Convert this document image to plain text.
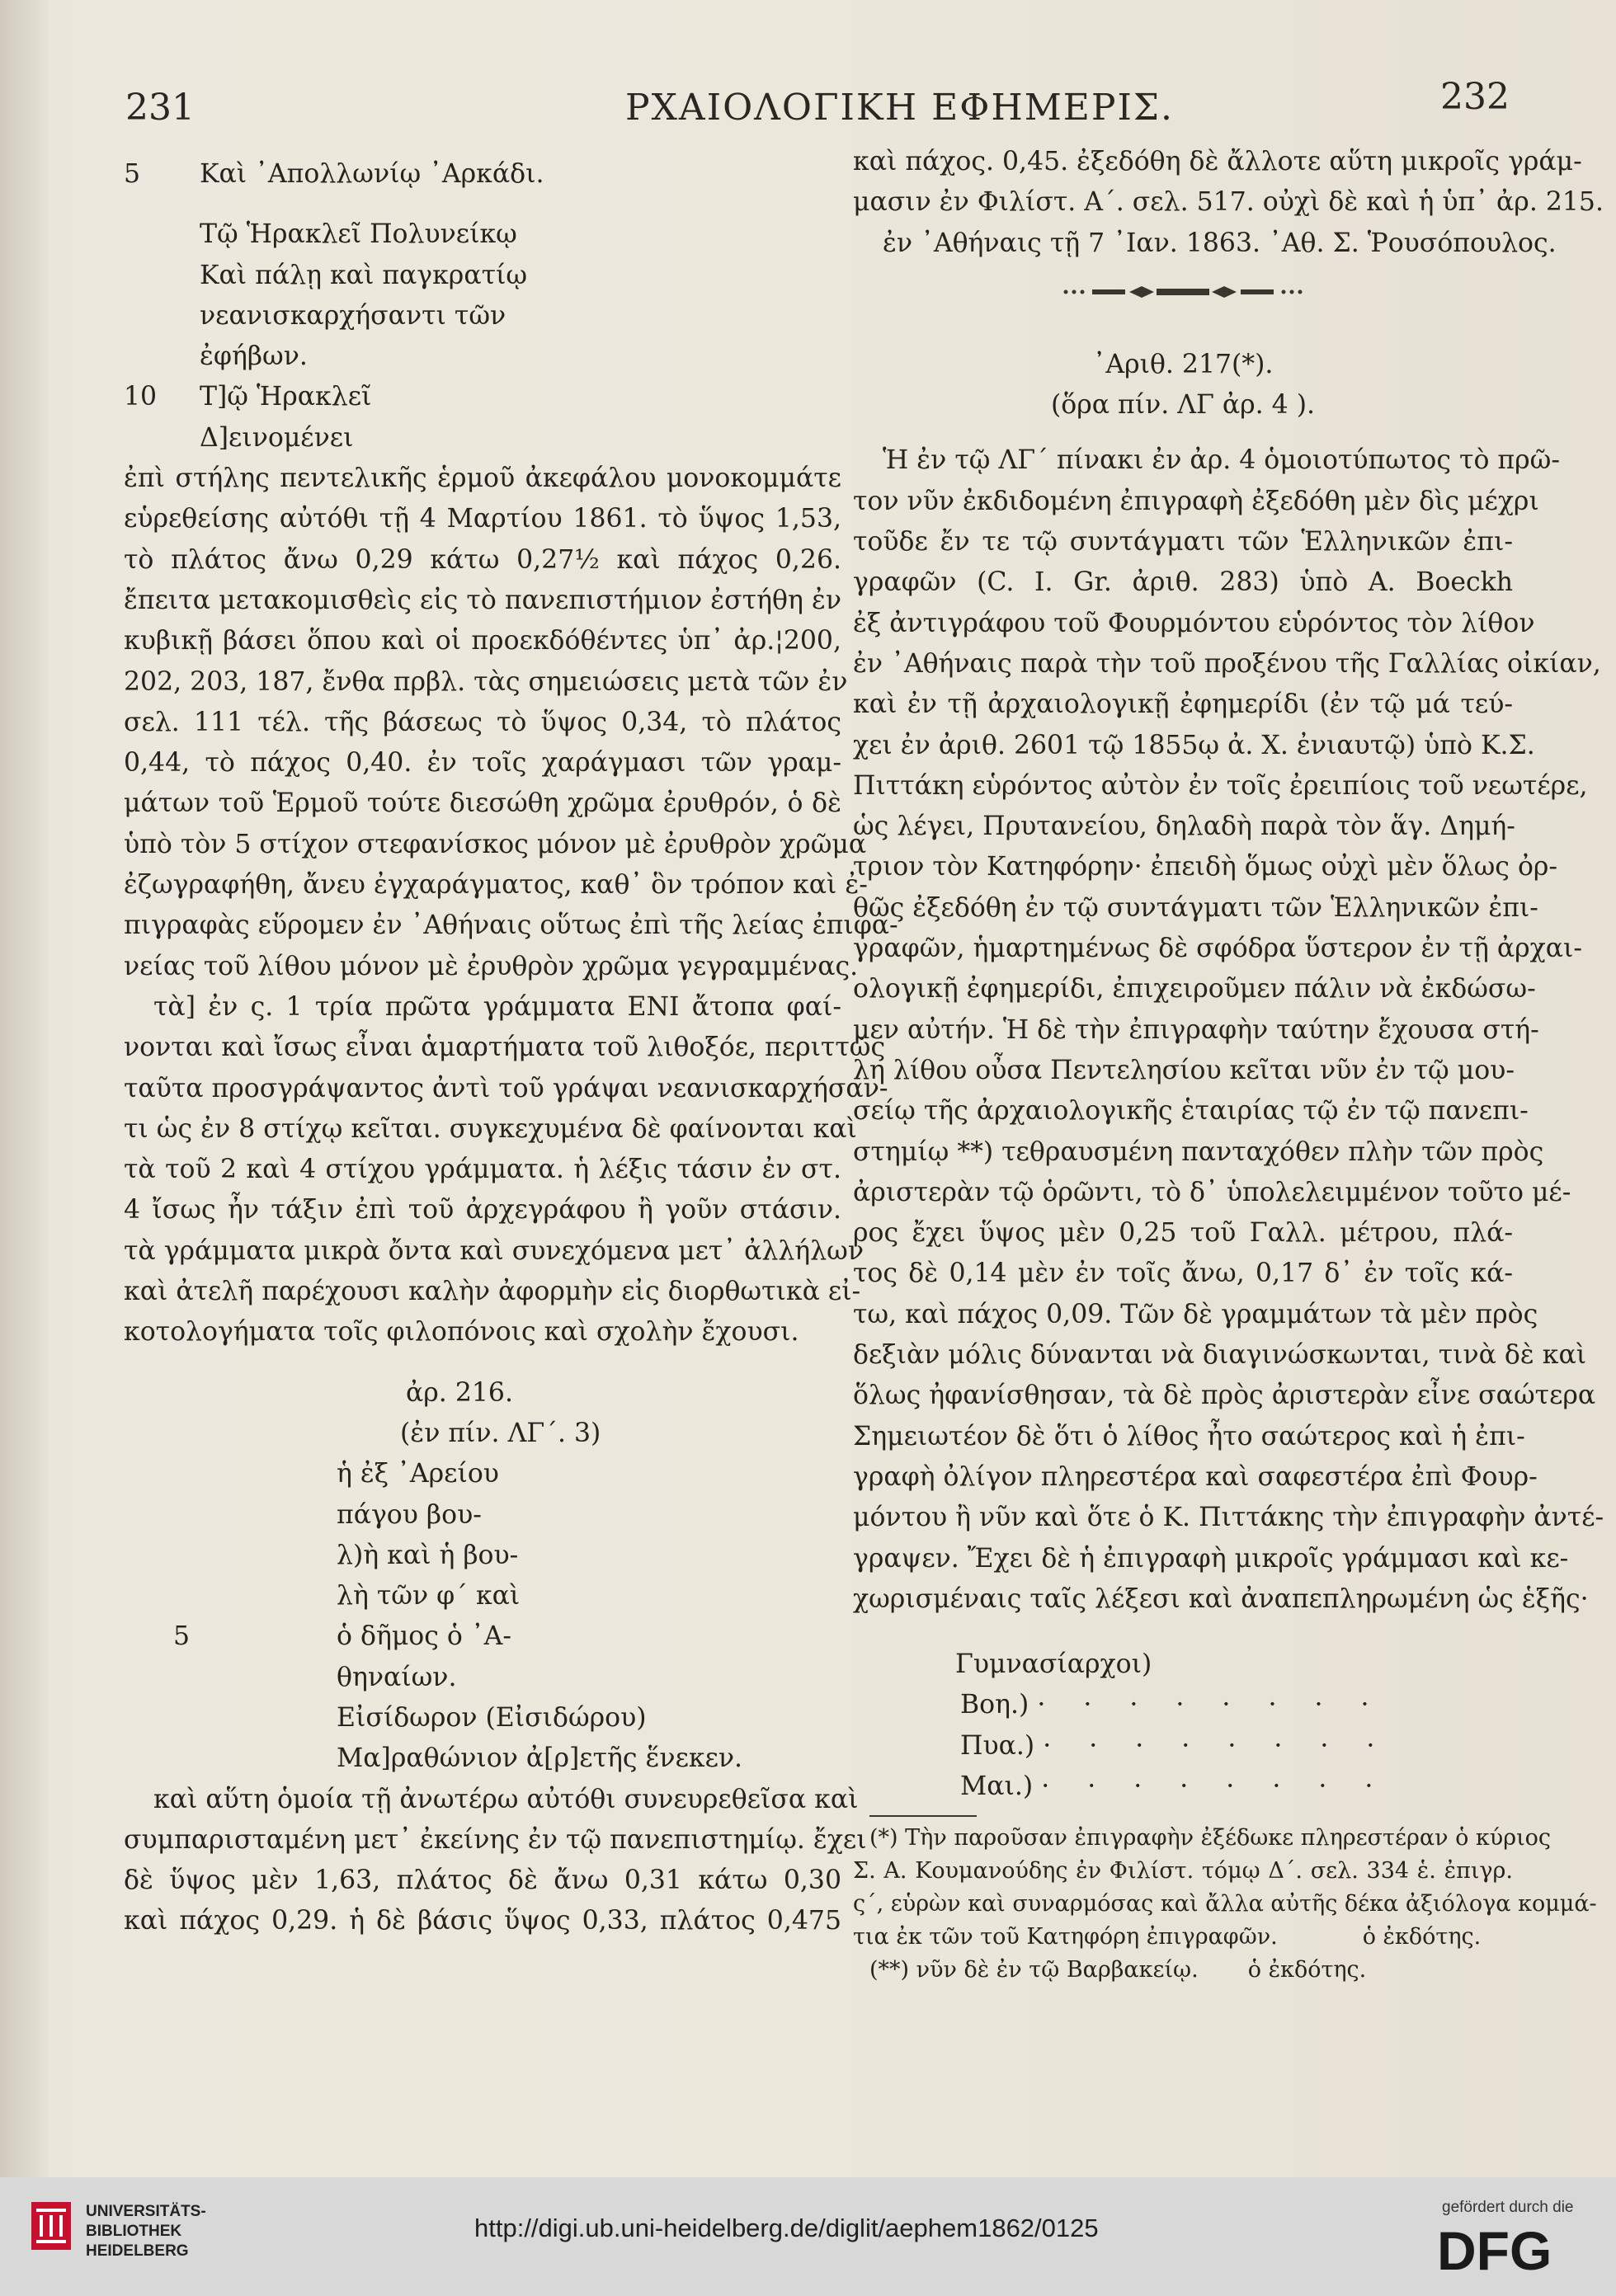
231	ΡΧΑΙΟΛΟΓΙΚΗ ΕΦΗΜΕΡΙΣ.	232
5 Καὶ ᾿Απολλωνίῳ ᾿Αρκάδι.
Τῷ Ἡρακλεῖ Πολυνείκῳ
Καὶ πάλῃ καὶ παγκρατίῳ
νεανισκαρχήσαντι τῶν
ἐφήβων.
10 Τ]ῷ Ἡρακλεῖ
Δ]εινομένει
ἐπὶ στήλης πεντελικῆς ἑρμοῦ ἀκεφάλου μονοκομμάτε
εὑρεθείσης αὐτόθι τῇ 4 Μαρτίου 1861. τὸ ὕψος 1,53,
τὸ πλάτος ἄνω 0,29 κάτω 0,27½ καὶ πάχος 0,26.
ἔπειτα μετακομισθεὶς εἰς τὸ πανεπιστήμιον ἐστήθη ἐν
κυβικῇ βάσει ὅπου καὶ οἱ προεκδόθέντες ὑπ᾿ ἀρ.¦200,
202, 203, 187, ἔνθα πρβλ. τὰς σημειώσεις μετὰ τῶν ἐν
σελ. 111 τέλ. τῆς βάσεως τὸ ὕψος 0,34, τὸ πλάτος
0,44, τὸ πάχος 0,40. ἐν τοῖς χαράγμασι τῶν γραμ-
μάτων τοῦ Ἑρμοῦ τούτε διεσώθη χρῶμα ἐρυθρόν, ὁ δὲ
ὑπὸ τὸν 5 στίχον στεφανίσκος μόνον μὲ ἐρυθρὸν χρῶμα
ἐζωγραφήθη, ἄνευ ἐγχαράγματος, καθ᾿ ὃν τρόπον καὶ ἐ-
πιγραφὰς εὕρομεν ἐν ᾿Αθήναις οὕτως ἐπὶ τῆς λείας ἐπιφα-
νείας τοῦ λίθου μόνον μὲ ἐρυθρὸν χρῶμα γεγραμμένας.
τὰ] ἐν ς. 1 τρία πρῶτα γράμματα ΕΝΙ ἄτοπα φαί-
νονται καὶ ἴσως εἶναι ἁμαρτήματα τοῦ λιθοξόε, περιττῶς
ταῦτα προσγράψαντος ἀντὶ τοῦ γράψαι νεανισκαρχήσαν-
τι ὡς ἐν 8 στίχῳ κεῖται. συγκεχυμένα δὲ φαίνονται καὶ
τὰ τοῦ 2 καὶ 4 στίχου γράμματα. ἡ λέξις τάσιν ἐν στ.
4 ἴσως ἦν τάξιν ἐπὶ τοῦ ἀρχεγράφου ἢ γοῦν στάσιν.
τὰ γράμματα μικρὰ ὄντα καὶ συνεχόμενα μετ᾿ ἀλλήλων
καὶ ἀτελῆ παρέχουσι καλὴν ἀφορμὴν εἰς διορθωτικὰ εἰ-
κοτολογήματα τοῖς φιλοπόνοις καὶ σχολὴν ἔχουσι.
ἀρ. 216.
(ἐν πίν. ΛΓ΄. 3)
ἡ ἐξ ᾿Αρείου
πάγου βου-
λ)ὴ καὶ ἡ βου-
λὴ τῶν φ΄ καὶ
5	ὁ δῆμος ὁ ᾿Α-
θηναίων.
Εἰσίδωρον (Εἰσιδώρου)
Μα]ραθώνιον ἀ[ρ]ετῆς ἕνεκεν.
καὶ αὕτη ὁμοία τῇ ἀνωτέρω αὐτόθι συνευρεθεῖσα καὶ
συμπαρισταμένη μετ᾿ ἐκείνης ἐν τῷ πανεπιστημίῳ. ἔχει
δὲ ὕψος μὲν 1,63, πλάτος δὲ ἄνω 0,31 κάτω 0,30
καὶ πάχος 0,29. ἡ δὲ βάσις ὕψος 0,33, πλάτος 0,475
καὶ πάχος. 0,45. ἐξεδόθη δὲ ἄλλοτε αὕτη μικροῖς γράμ-
μασιν ἐν Φιλίστ. Α΄. σελ. 517. οὐχὶ δὲ καὶ ἡ ὑπ᾿ ἀρ. 215.
ἐν ᾿Αθήναις τῇ 7 ᾿Ιαν. 1863. ᾿Αθ. Σ. Ῥουσόπουλος.
᾿Αριθ. 217(*).
(ὅρα πίν. ΛΓ ἀρ. 4 ).
Ἡ ἐν τῷ ΛΓ΄ πίνακι ἐν ἀρ. 4 ὁμοιοτύπωτος τὸ πρῶ-
τον νῦν ἐκδιδομένη ἐπιγραφὴ ἐξεδόθη μὲν δὶς μέχρι
τοῦδε ἔν τε τῷ συντάγματι τῶν Ἑλληνικῶν ἐπι-
γραφῶν (C. I. Gr. ἀριθ. 283) ὑπὸ Α. Boeckh
ἐξ ἀντιγράφου τοῦ Φουρμόντου εὑρόντος τὸν λίθον
ἐν ᾿Αθήναις παρὰ τὴν τοῦ προξένου τῆς Γαλλίας οἰκίαν,
καὶ ἐν τῇ ἀρχαιολογικῇ ἐφημερίδι (ἐν τῷ μά τεύ-
χει ἐν ἀριθ. 2601 τῷ 1855ῳ ἀ. Χ. ἐνιαυτῷ) ὑπὸ Κ.Σ.
Πιττάκη εὑρόντος αὐτὸν ἐν τοῖς ἐρειπίοις τοῦ νεωτέρε,
ὡς λέγει, Πρυτανείου, δηλαδὴ παρὰ τὸν ἅγ. Δημή-
τριον τὸν Κατηφόρην· ἐπειδὴ ὅμως οὐχὶ μὲν ὅλως ὀρ-
θῶς ἐξεδόθη ἐν τῷ συντάγματι τῶν Ἑλληνικῶν ἐπι-
γραφῶν, ἡμαρτημένως δὲ σφόδρα ὕστερον ἐν τῇ ἀρχαι-
ολογικῇ ἐφημερίδι, ἐπιχειροῦμεν πάλιν νὰ ἐκδώσω-
μεν αὐτήν. Ἡ δὲ τὴν ἐπιγραφὴν ταύτην ἔχουσα στή-
λη λίθου οὖσα Πεντελησίου κεῖται νῦν ἐν τῷ μου-
σείῳ τῆς ἀρχαιολογικῆς ἑταιρίας τῷ ἐν τῷ πανεπι-
στημίῳ **) τεθραυσμένη πανταχόθεν πλὴν τῶν πρὸς
ἀριστερὰν τῷ ὁρῶντι, τὸ δ᾿ ὑπολελειμμένον τοῦτο μέ-
ρος ἔχει ὕψος μὲν 0,25 τοῦ Γαλλ. μέτρου, πλά-
τος δὲ 0,14 μὲν ἐν τοῖς ἄνω, 0,17 δ᾿ ἐν τοῖς κά-
τω, καὶ πάχος 0,09. Τῶν δὲ γραμμάτων τὰ μὲν πρὸς
δεξιὰν μόλις δύνανται νὰ διαγινώσκωνται, τινὰ δὲ καὶ
ὅλως ἠφανίσθησαν, τὰ δὲ πρὸς ἀριστερὰν εἶνε σαώτερα
Σημειωτέον δὲ ὅτι ὁ λίθος ἦτο σαώτερος καὶ ἡ ἐπι-
γραφὴ ὀλίγον πληρεστέρα καὶ σαφεστέρα ἐπὶ Φουρ-
μόντου ἢ νῦν καὶ ὅτε ὁ Κ. Πιττάκης τὴν ἐπιγραφὴν ἀντέ-
γραψεν. Ἔχει δὲ ἡ ἐπιγραφὴ μικροῖς γράμμασι καὶ κε-
χωρισμέναις ταῖς λέξεσι καὶ ἀναπεπληρωμένη ὡς ἑξῆς·
Γυμνασίαρχοι)
Βοη.) · · · · · · · ·
Πυα.) · · · · · · · ·
Μαι.) · · · · · · · ·
(*) Τὴν παροῦσαν ἐπιγραφὴν ἐξέδωκε πληρεστέραν ὁ κύριος
Σ. Α. Κουμανούδης ἐν Φιλίστ. τόμῳ Δ΄. σελ. 334 ἑ. ἐπιγρ.
ς΄, εὑρὼν καὶ συναρμόσας καὶ ἄλλα αὐτῆς δέκα ἀξιόλογα κομμά-
τια ἐκ τῶν τοῦ Κατηφόρη ἐπιγραφῶν.            ὁ ἐκδότης.
(**) νῦν δὲ ἐν τῷ Βαρβακείῳ.       ὁ ἐκδότης.
UNIVERSITÄTS-
BIBLIOTHEK
HEIDELBERG
http://digi.ub.uni-heidelberg.de/diglit/aephem1862/0125
gefördert durch die
DFG
